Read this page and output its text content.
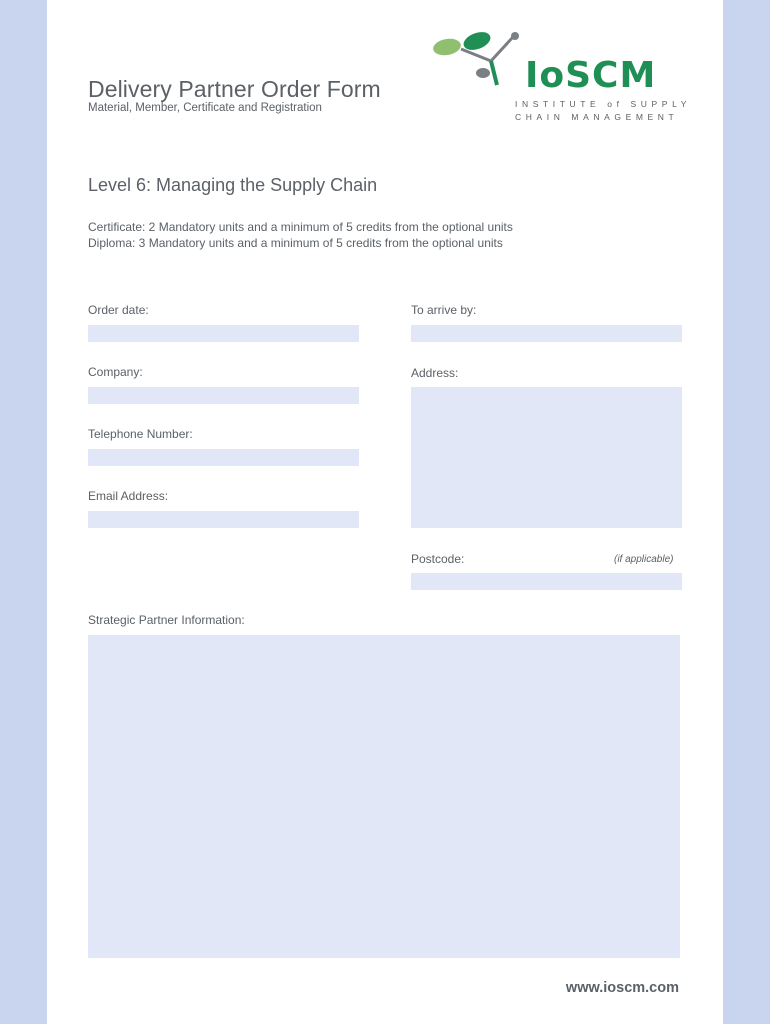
Delivery Partner Order Form
Material, Member, Certificate and Registration
IoSCM
INSTITUTE of SUPPLY
CHAIN MANAGEMENT
Level 6: Managing the Supply Chain
Certificate: 2 Mandatory units and a minimum of 5 credits from the optional units
Diploma: 3 Mandatory units and a minimum of 5 credits from the optional units
Order date:
Company:
Telephone Number:
Email Address:
To arrive by:
Address:
Postcode:	(if applicable)
Strategic Partner Information:
www.ioscm.com
